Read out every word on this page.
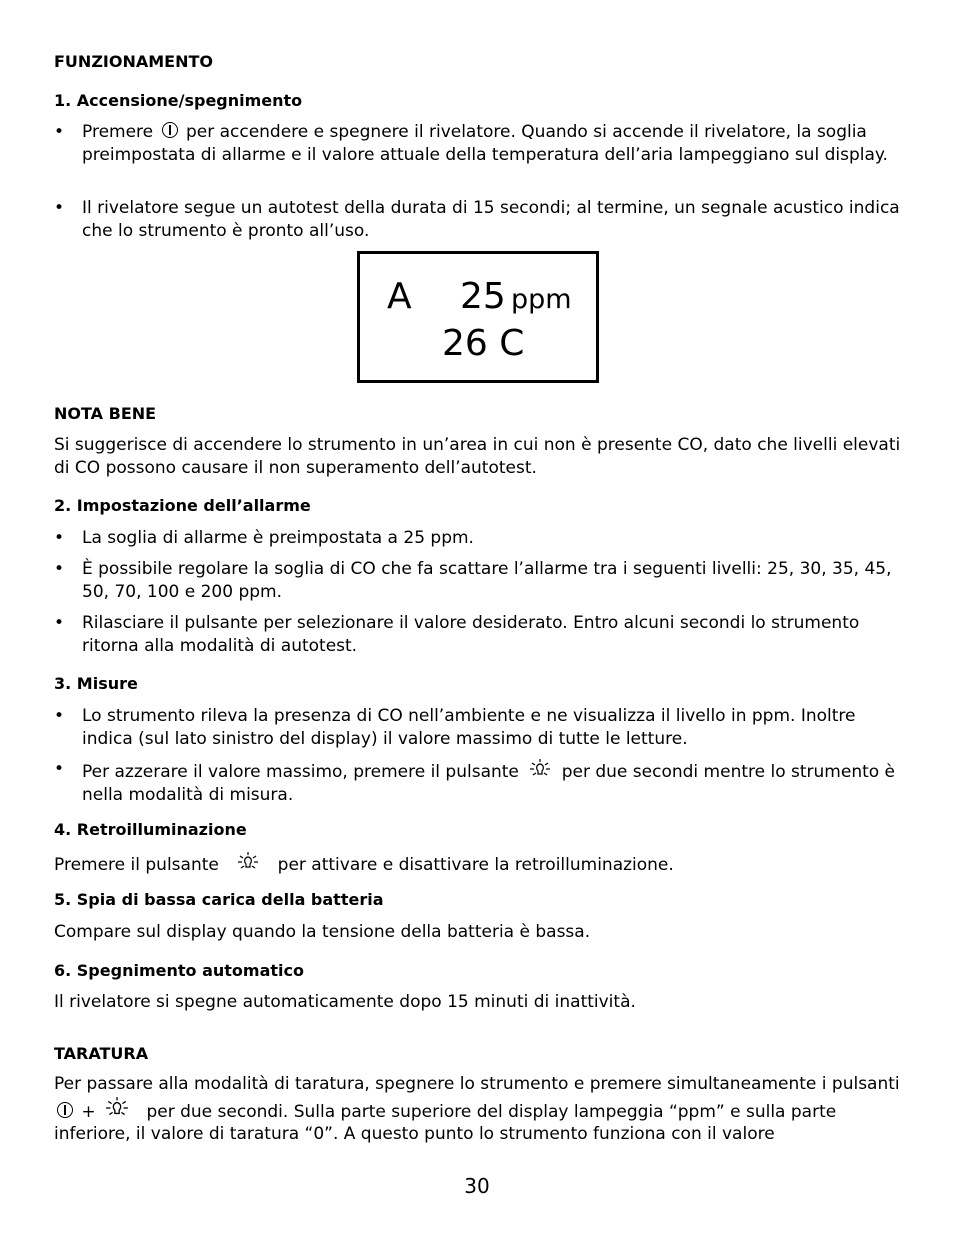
FUNZIONAMENTO

1. Accensione/spegnimento

• Premere per accendere e spegnere il rivelatore. Quando si accende il rivelatore, la soglia preimpostata di allarme e il valore attuale della temperatura dell’aria lampeggiano sul display.
• Il rivelatore segue un autotest della durata di 15 secondi; al termine, un segnale acustico indica che lo strumento è pronto all’uso.
A 25 ppm
26 C

NOTA BENE

Si suggerisce di accendere lo strumento in un’area in cui non è presente CO, dato che livelli elevati di CO possono causare il non superamento dell’autotest.

2. Impostazione dell’allarme

• La soglia di allarme è preimpostata a 25 ppm.
• È possibile regolare la soglia di CO che fa scattare l’allarme tra i seguenti livelli: 25, 30, 35, 45, 50, 70, 100 e 200 ppm.
• Rilasciare il pulsante per selezionare il valore desiderato. Entro alcuni secondi lo strumento ritorna alla modalità di autotest.

3. Misure

• Lo strumento rileva la presenza di CO nell’ambiente e ne visualizza il livello in ppm. Inoltre indica (sul lato sinistro del display) il valore massimo di tutte le letture.
• Per azzerare il valore massimo, premere il pulsante	per due secondi mentre lo strumento è nella modalità di misura.

4. Retroilluminazione

Premere il pulsante	per attivare e disattivare la retroilluminazione.

5. Spia di bassa carica della batteria

Compare sul display quando la tensione della batteria è bassa.

6. Spegnimento automatico

Il rivelatore si spegne automaticamente dopo 15 minuti di inattività.

TARATURA

Per passare alla modalità di taratura, spegnere lo strumento e premere simultaneamente i pulsanti  +	per due secondi. Sulla parte superiore del display lampeggia “ppm” e sulla parte inferiore, il valore di taratura “0”. A questo punto lo strumento funziona con il valore

30
